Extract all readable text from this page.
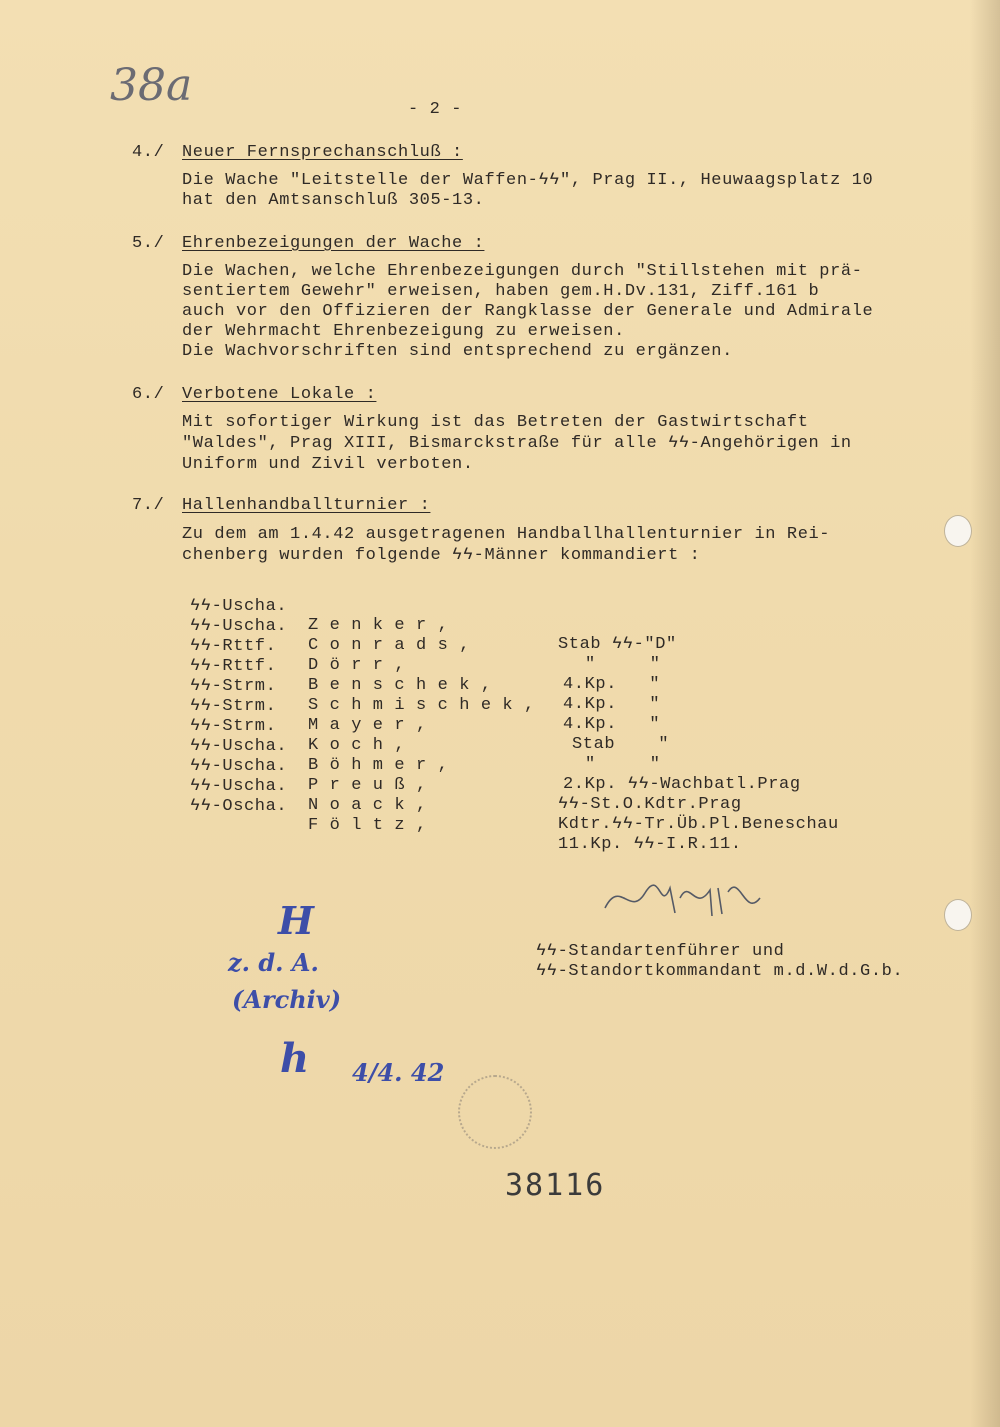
38a	- 2 -
4./ Neuer Fernsprechanschluß :
Die Wache "Leitstelle der Waffen-ϟϟ", Prag II., Heuwaagsplatz 10
hat den Amtsanschluß 305-13.
5./ Ehrenbezeigungen der Wache :
Die Wachen, welche Ehrenbezeigungen durch "Stillstehen mit prä-
sentiertem Gewehr" erweisen, haben gem.H.Dv.131, Ziff.161 b
auch vor den Offizieren der Rangklasse der Generale und Admirale
der Wehrmacht Ehrenbezeigung zu erweisen.
Die Wachvorschriften sind entsprechend zu ergänzen.
6./ Verbotene Lokale :
Mit sofortiger Wirkung ist das Betreten der Gastwirtschaft
"Waldes", Prag XIII, Bismarckstraße für alle ϟϟ-Angehörigen in
Uniform und Zivil verboten.
7./ Hallenhandballturnier :
Zu dem am 1.4.42 ausgetragenen Handballhallenturnier in Rei-
chenberg wurden folgende ϟϟ-Männer kommandiert :

ϟϟ-Uscha.

Z e n k e r ,

Stab ϟϟ-"D"

ϟϟ-Uscha.

C o n r a d s ,

"     "

ϟϟ-Rttf.

D ö r r ,

4.Kp.   "

ϟϟ-Rttf.

B e n s c h e k ,

4.Kp.   "

ϟϟ-Strm.

S c h m i s c h e k ,

4.Kp.   "

ϟϟ-Strm.

M a y e r ,

Stab    "

ϟϟ-Strm.

K o c h ,

"     "

ϟϟ-Uscha.

B ö h m e r ,

2.Kp. ϟϟ-Wachbatl.Prag

ϟϟ-Uscha.

P r e u ß ,

ϟϟ-St.O.Kdtr.Prag

ϟϟ-Uscha.

N o a c k ,

Kdtr.ϟϟ-Tr.Üb.Pl.Beneschau

ϟϟ-Oscha.

F ö l t z ,

11.Kp. ϟϟ-I.R.11.

ϟϟ-Standartenführer und
ϟϟ-Standortkommandant m.d.W.d.G.b.
H
z. d. A.
(Archiv)
h 4/4. 42
38116
